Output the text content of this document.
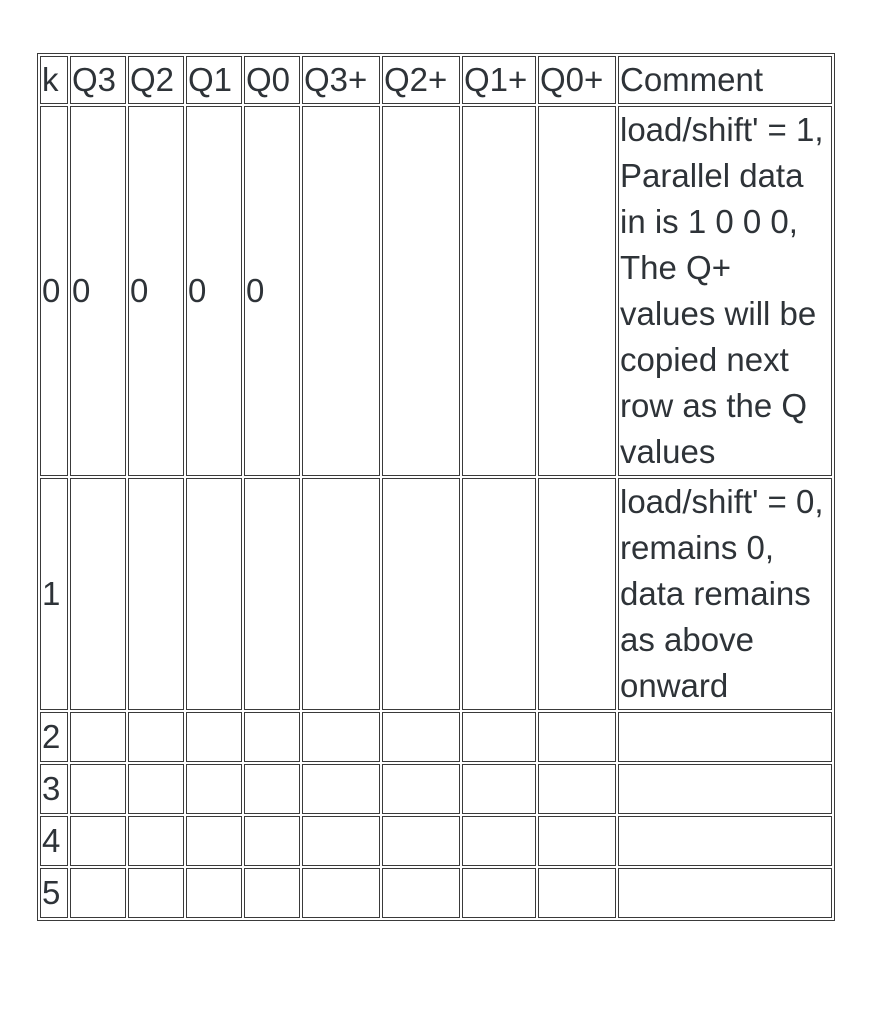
k	Q3	Q2	Q1	Q0	Q3+	Q2+	Q1+	Q0+	Comment
0	0	0	0	0					load/shift' = 1, Parallel data in is 1 0 0 0, The Q+ values will be copied next row as the Q values
1									load/shift' = 0, remains 0, data remains as above onward
2									
3									
4									
5									
